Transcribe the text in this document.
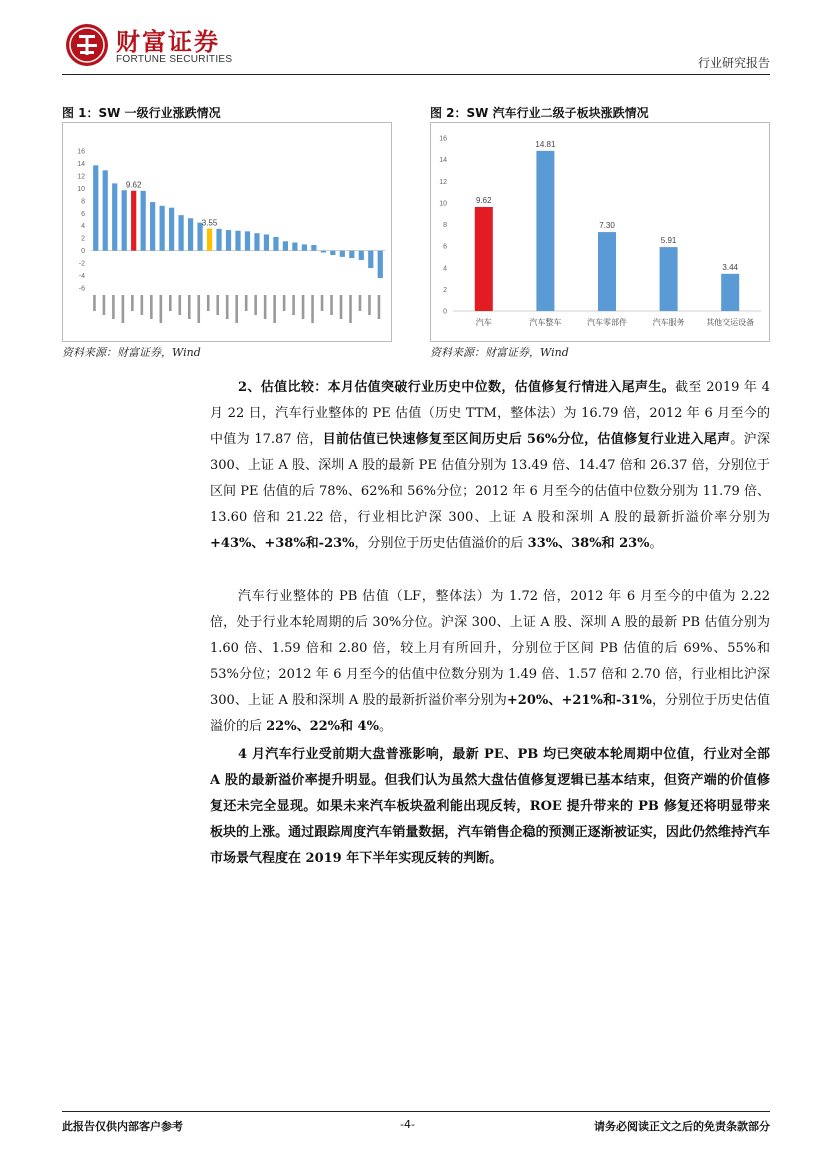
财富证券
FORTUNE SECURITIES	行业研究报告
图 1：SW 一级行业涨跌情况
16
14
12
10
8
6
4
2
0
-2
-4
-6
9.62
3.55
资料来源：财富证券，Wind
图 2：SW 汽车行业二级子板块涨跌情况
16
14
12
10
8
6
4
2
0
9.62
汽车
14.81
汽车整车
7.30
汽车零部件
5.91
汽车服务
3.44
其他交运设备
资料来源：财富证券，Wind
2、估值比较：本月估值突破行业历史中位数，估值修复行情进入尾声生。截至 2019 年 4 月 22 日，汽车行业整体的 PE 估值（历史 TTM，整体法）为 16.79 倍，2012 年 6 月至今的中值为 17.87 倍，目前估值已快速修复至区间历史后 56%分位，估值修复行业进入尾声。沪深 300、上证 A 股、深圳 A 股的最新 PE 估值分别为 13.49 倍、14.47 倍和 26.37 倍，分别位于区间 PE 估值的后 78%、62%和 56%分位；2012 年 6 月至今的估值中位数分别为 11.79 倍、13.60 倍和 21.22 倍，行业相比沪深 300、上证 A 股和深圳 A 股的最新折溢价率分别为+43%、+38%和-23%，分别位于历史估值溢价的后 33%、38%和 23%。
汽车行业整体的 PB 估值（LF，整体法）为 1.72 倍，2012 年 6 月至今的中值为 2.22 倍，处于行业本轮周期的后 30%分位。沪深 300、上证 A 股、深圳 A 股的最新 PB 估值分别为 1.60 倍、1.59 倍和 2.80 倍，较上月有所回升，分别位于区间 PB 估值的后 69%、55%和 53%分位；2012 年 6 月至今的估值中位数分别为 1.49 倍、1.57 倍和 2.70 倍，行业相比沪深 300、上证 A 股和深圳 A 股的最新折溢价率分别为+20%、+21%和-31%，分别位于历史估值溢价的后 22%、22%和 4%。
4 月汽车行业受前期大盘普涨影响，最新 PE、PB 均已突破本轮周期中位值，行业对全部 A 股的最新溢价率提升明显。但我们认为虽然大盘估值修复逻辑已基本结束，但资产端的价值修复还未完全显现。如果未来汽车板块盈利能出现反转，ROE 提升带来的 PB 修复还将明显带来板块的上涨。通过跟踪周度汽车销量数据，汽车销售企稳的预测正逐渐被证实，因此仍然维持汽车市场景气程度在 2019 年下半年实现反转的判断。
此报告仅供内部客户参考	-4-	请务必阅读正文之后的免责条款部分
